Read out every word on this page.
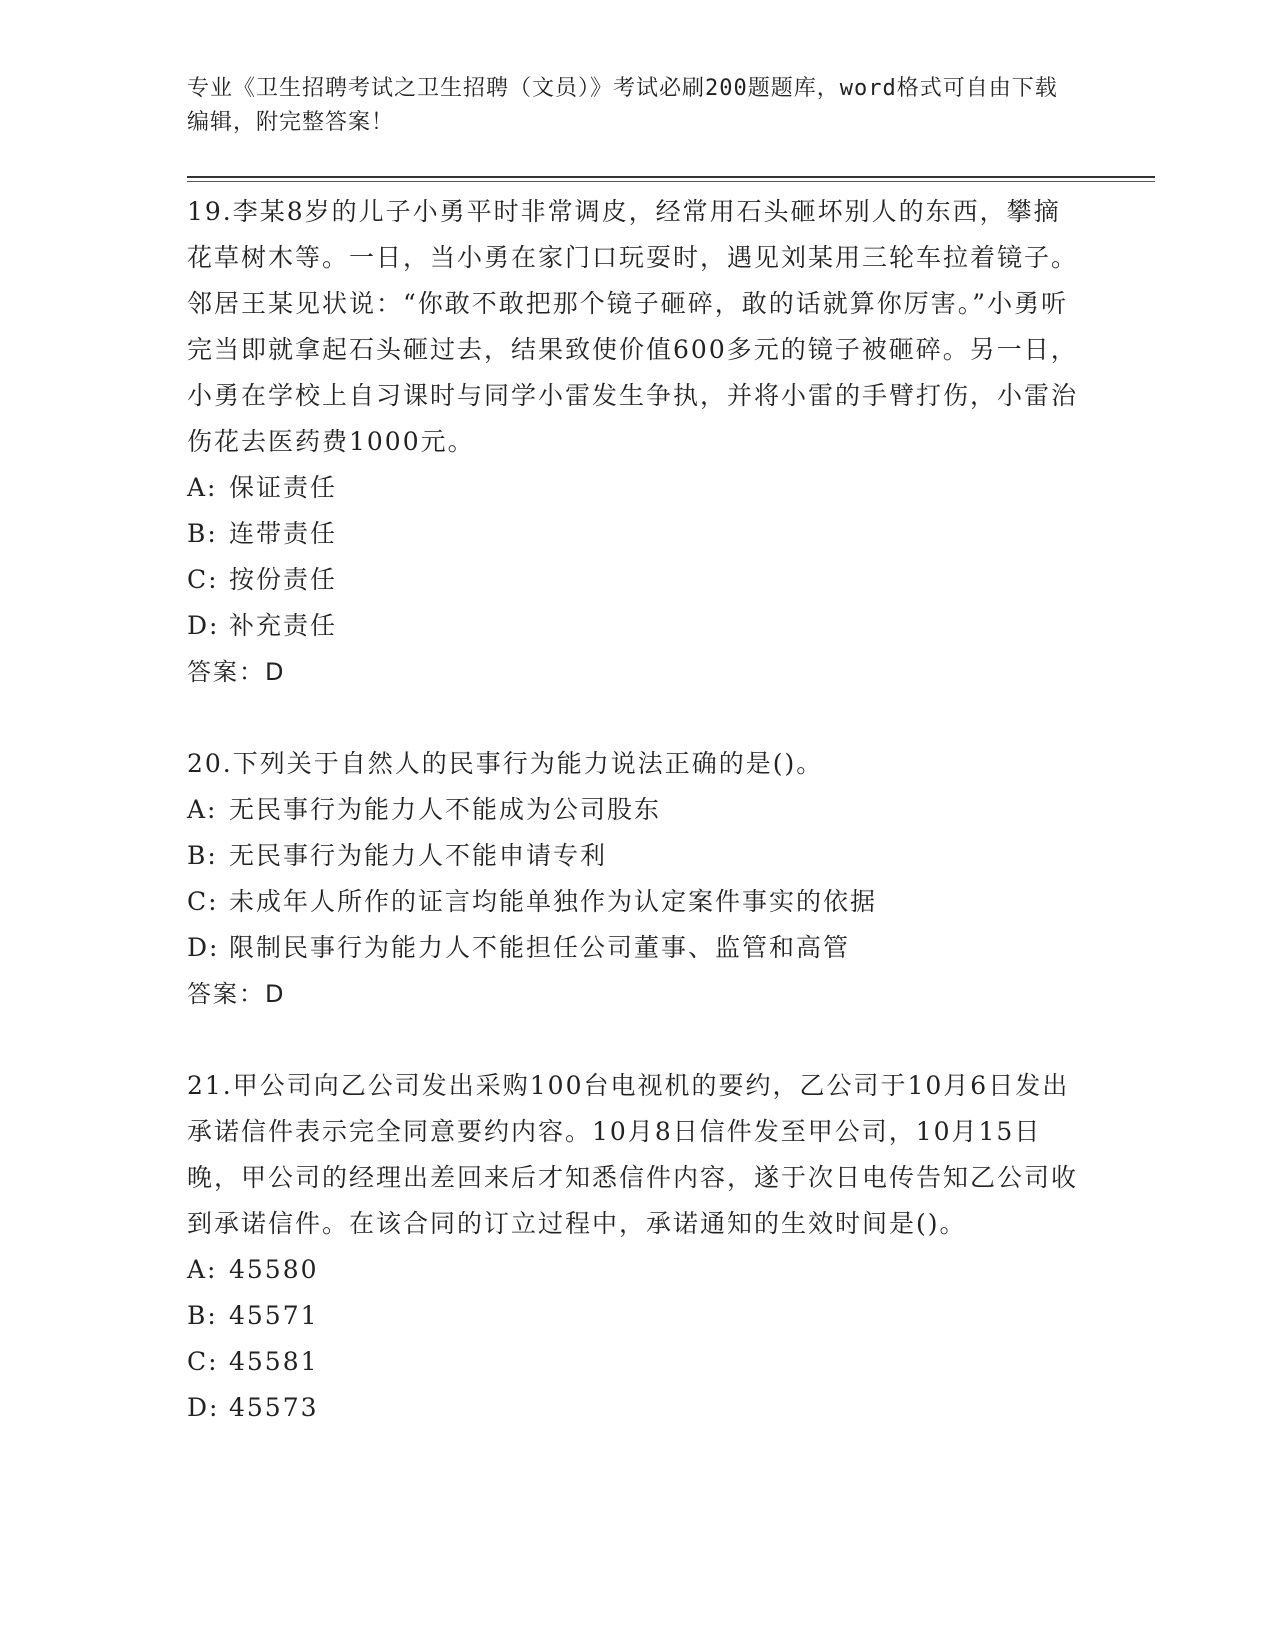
专业《卫生招聘考试之卫生招聘（文员）》考试必刷200题题库，word格式可自由下载编辑，附完整答案！
19.李某8岁的儿子小勇平时非常调皮，经常用石头砸坏别人的东西，攀摘花草树木等。一日，当小勇在家门口玩耍时，遇见刘某用三轮车拉着镜子。邻居王某见状说：“你敢不敢把那个镜子砸碎，敢的话就算你厉害。”小勇听完当即就拿起石头砸过去，结果致使价值600多元的镜子被砸碎。另一日，小勇在学校上自习课时与同学小雷发生争执，并将小雷的手臂打伤，小雷治伤花去医药费1000元。
A: 保证责任
B: 连带责任
C: 按份责任
D: 补充责任
答案：D
20.下列关于自然人的民事行为能力说法正确的是()。
A: 无民事行为能力人不能成为公司股东
B: 无民事行为能力人不能申请专利
C: 未成年人所作的证言均能单独作为认定案件事实的依据
D: 限制民事行为能力人不能担任公司董事、监管和高管
答案：D
21.甲公司向乙公司发出采购100台电视机的要约，乙公司于10月6日发出承诺信件表示完全同意要约内容。10月8日信件发至甲公司，10月15日晚，甲公司的经理出差回来后才知悉信件内容，遂于次日电传告知乙公司收到承诺信件。在该合同的订立过程中，承诺通知的生效时间是()。
A: 45580
B: 45571
C: 45581
D: 45573
